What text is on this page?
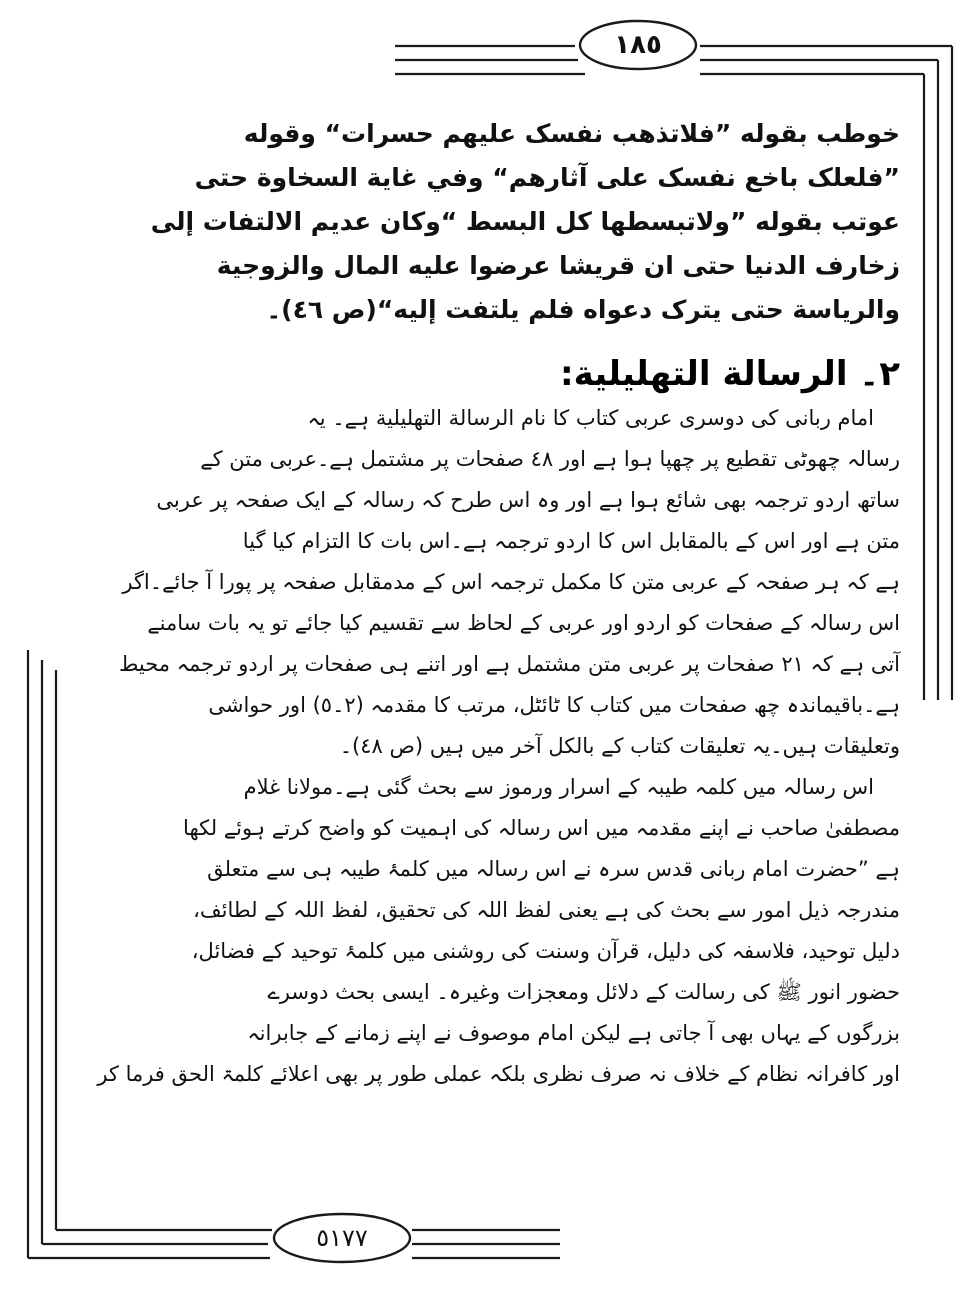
١٨٥
٥١٧٧
خوطب بقوله ”فلاتذهب نفسک عليهم حسرات“ وقوله
”فلعلک باخع نفسک علی آثارهم“ وفي غاية السخاوة حتى
عوتب بقوله ”ولاتبسطها كل البسط “وكان عديم الالتفات إلى
زخارف الدنيا حتى ان قريشا عرضوا عليه المال والزوجية
والرياسة حتى يترک دعواه فلم يلتفت إليه“(ص ٤٦)۔
٢۔ الرسالة التهليلية:
امام ربانی کی دوسری عربی کتاب کا نام الرسالة التهليلية ہے۔ یہ
رسالہ چھوٹی تقطیع پر چھپا ہوا ہے اور ٤٨ صفحات پر مشتمل ہے۔عربی متن کے
ساتھ اردو ترجمہ بھی شائع ہوا ہے اور وہ اس طرح کہ رسالہ کے ایک صفحہ پر عربی
متن ہے اور اس کے بالمقابل اس کا اردو ترجمہ ہے۔اس بات کا التزام کیا گیا
ہے کہ ہر صفحہ کے عربی متن کا مکمل ترجمہ اس کے مدمقابل صفحہ پر پورا آ جائے۔اگر
اس رسالہ کے صفحات کو اردو اور عربی کے لحاظ سے تقسیم کیا جائے تو یہ بات سامنے
آتی ہے کہ ٢١ صفحات پر عربی متن مشتمل ہے اور اتنے ہی صفحات پر اردو ترجمہ محیط
ہے۔باقیماندہ چھ صفحات میں کتاب کا ٹائٹل، مرتب کا مقدمہ (٢۔٥) اور حواشی
وتعلیقات ہیں۔یہ تعلیقات کتاب کے بالکل آخر میں ہیں (ص ٤٨)۔
اس رسالہ میں کلمہ طیبہ کے اسرار ورموز سے بحث گئی ہے۔مولانا غلام
مصطفیٰ صاحب نے اپنے مقدمہ میں اس رسالہ کی اہمیت کو واضح کرتے ہوئے لکھا
ہے ”حضرت امام ربانی قدس سرہ نے اس رسالہ میں کلمۂ طیبہ ہی سے متعلق
مندرجہ ذیل امور سے بحث کی ہے یعنی لفظ اللہ کی تحقیق، لفظ اللہ کے لطائف،
دلیل توحید، فلاسفہ کی دلیل، قرآن وسنت کی روشنی میں کلمۂ توحید کے فضائل،
حضور انور ﷺ کی رسالت کے دلائل ومعجزات وغیرہ۔ ایسی بحث دوسرے
بزرگوں کے یہاں بھی آ جاتی ہے لیکن امام موصوف نے اپنے زمانے کے جابرانہ
اور کافرانہ نظام کے خلاف نہ صرف نظری بلکہ عملی طور پر بھی اعلائے کلمۃ الحق فرما کر
